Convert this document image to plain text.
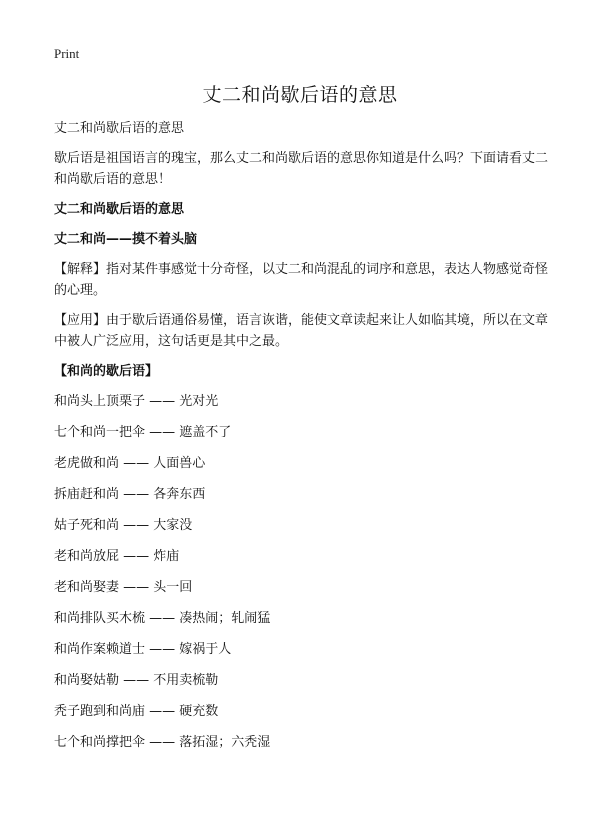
Print
丈二和尚歇后语的意思

丈二和尚歇后语的意思

歇后语是祖国语言的瑰宝，那么丈二和尚歇后语的意思你知道是什么吗？下面请看丈二和尚歇后语的意思！

丈二和尚歇后语的意思

丈二和尚——摸不着头脑

【解释】指对某件事感觉十分奇怪，以丈二和尚混乱的词序和意思，表达人物感觉奇怪的心理。

【应用】由于歇后语通俗易懂，语言诙谐，能使文章读起来让人如临其境，所以在文章中被人广泛应用，这句话更是其中之最。

【和尚的歇后语】

和尚头上顶栗子 —— 光对光
七个和尚一把伞 —— 遮盖不了
老虎做和尚 —— 人面兽心
拆庙赶和尚 —— 各奔东西
姑子死和尚 —— 大家没
老和尚放屁 —— 炸庙
老和尚娶妻 —— 头一回
和尚排队买木梳 —— 凑热闹；轧闹猛
和尚作案赖道士 —— 嫁祸于人
和尚娶姑勒 —— 不用卖梳勒
秃子跑到和尚庙 —— 硬充数
七个和尚撑把伞 —— 落拓湿；六秃湿
